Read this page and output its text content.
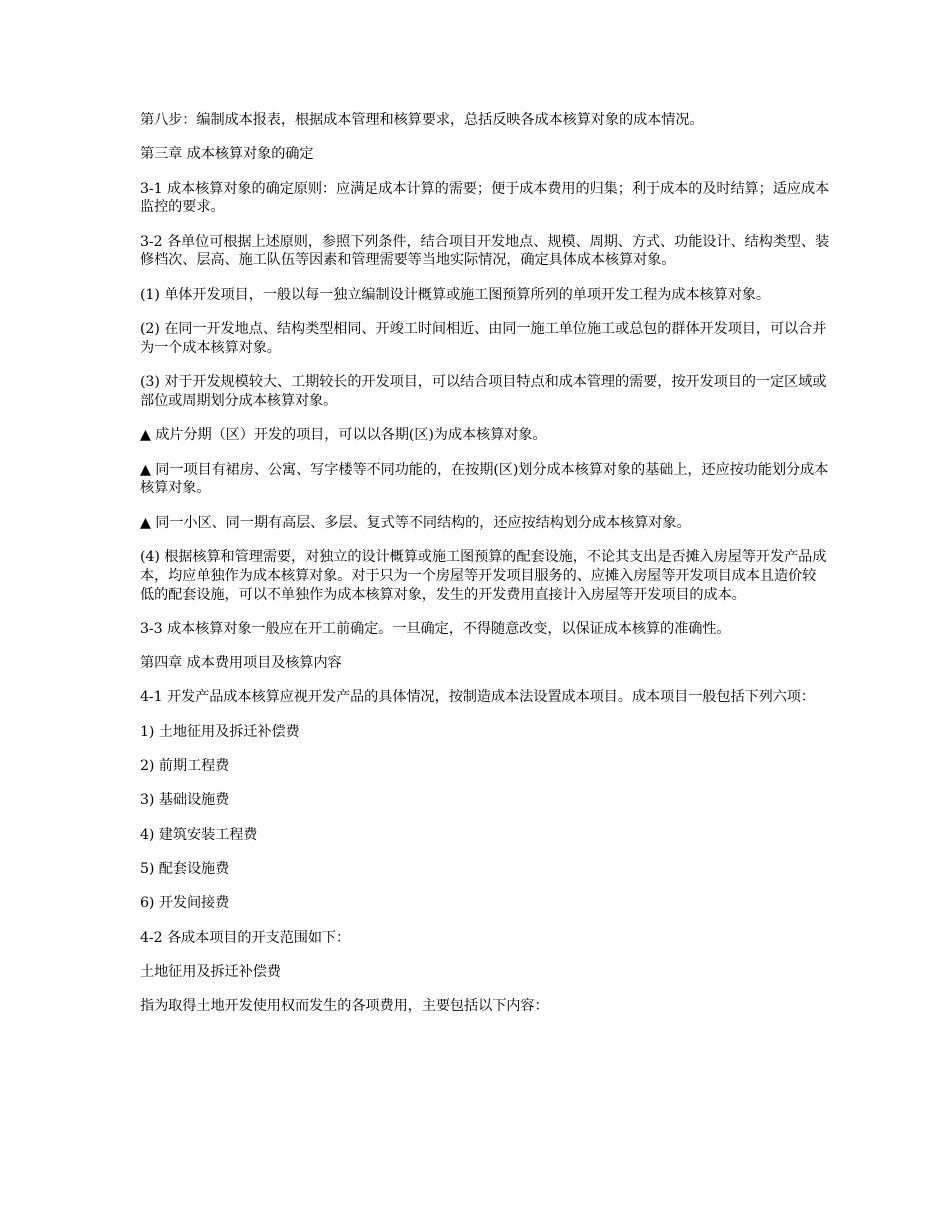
第八步：编制成本报表，根据成本管理和核算要求，总括反映各成本核算对象的成本情况。

第三章 成本核算对象的确定

3-1 成本核算对象的确定原则：应满足成本计算的需要；便于成本费用的归集；利于成本的及时结算；适应成本监控的要求。

3-2 各单位可根据上述原则，参照下列条件，结合项目开发地点、规模、周期、方式、功能设计、结构类型、装修档次、层高、施工队伍等因素和管理需要等当地实际情况，确定具体成本核算对象。

(1) 单体开发项目，一般以每一独立编制设计概算或施工图预算所列的单项开发工程为成本核算对象。

(2) 在同一开发地点、结构类型相同、开竣工时间相近、由同一施工单位施工或总包的群体开发项目，可以合并为一个成本核算对象。

(3) 对于开发规模较大、工期较长的开发项目，可以结合项目特点和成本管理的需要，按开发项目的一定区域或部位或周期划分成本核算对象。

▲ 成片分期（区）开发的项目，可以以各期(区)为成本核算对象。

▲ 同一项目有裙房、公寓、写字楼等不同功能的，在按期(区)划分成本核算对象的基础上，还应按功能划分成本核算对象。

▲ 同一小区、同一期有高层、多层、复式等不同结构的，还应按结构划分成本核算对象。

(4) 根据核算和管理需要，对独立的设计概算或施工图预算的配套设施，不论其支出是否摊入房屋等开发产品成本，均应单独作为成本核算对象。对于只为一个房屋等开发项目服务的、应摊入房屋等开发项目成本且造价较低的配套设施，可以不单独作为成本核算对象，发生的开发费用直接计入房屋等开发项目的成本。

3-3 成本核算对象一般应在开工前确定。一旦确定，不得随意改变，以保证成本核算的准确性。

第四章 成本费用项目及核算内容

4-1 开发产品成本核算应视开发产品的具体情况，按制造成本法设置成本项目。成本项目一般包括下列六项：

1) 土地征用及拆迁补偿费

2) 前期工程费

3) 基础设施费

4) 建筑安装工程费

5) 配套设施费

6) 开发间接费

4-2 各成本项目的开支范围如下：

土地征用及拆迁补偿费

指为取得土地开发使用权而发生的各项费用，主要包括以下内容：
